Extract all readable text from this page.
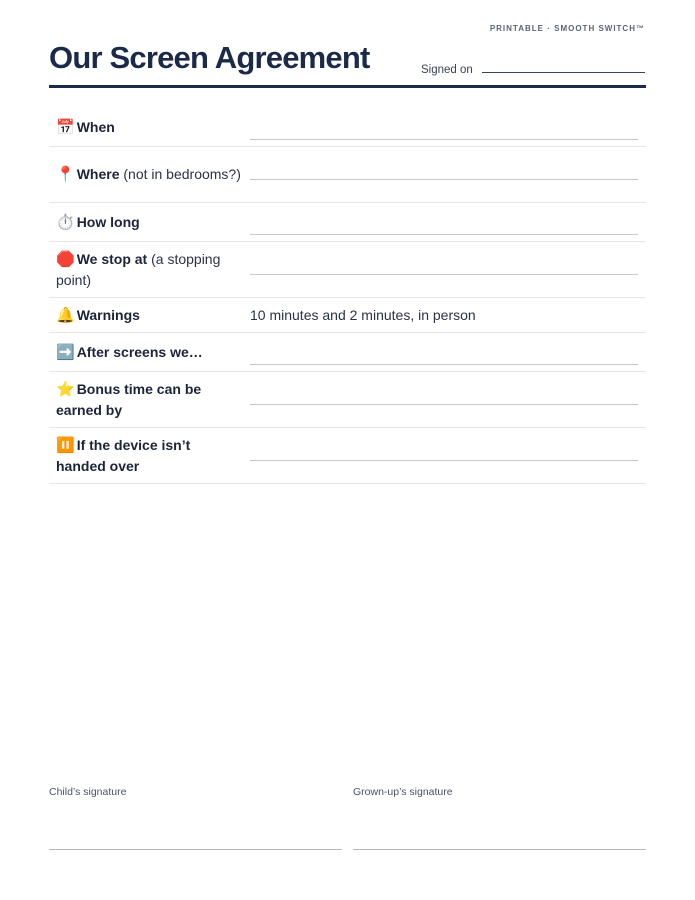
PRINTABLE · SMOOTH SWITCH™
Our Screen Agreement	Signed on
📅 When
📍 Where (not in bedrooms?)
⏱️ How long
🛑 We stop at (a stopping point)
🔔 Warnings	10 minutes and 2 minutes, in person
➡️ After screens we…
⭐ Bonus time can be earned by
⏸️ If the device isn’t handed over
Child’s signature	Grown-up’s signature
